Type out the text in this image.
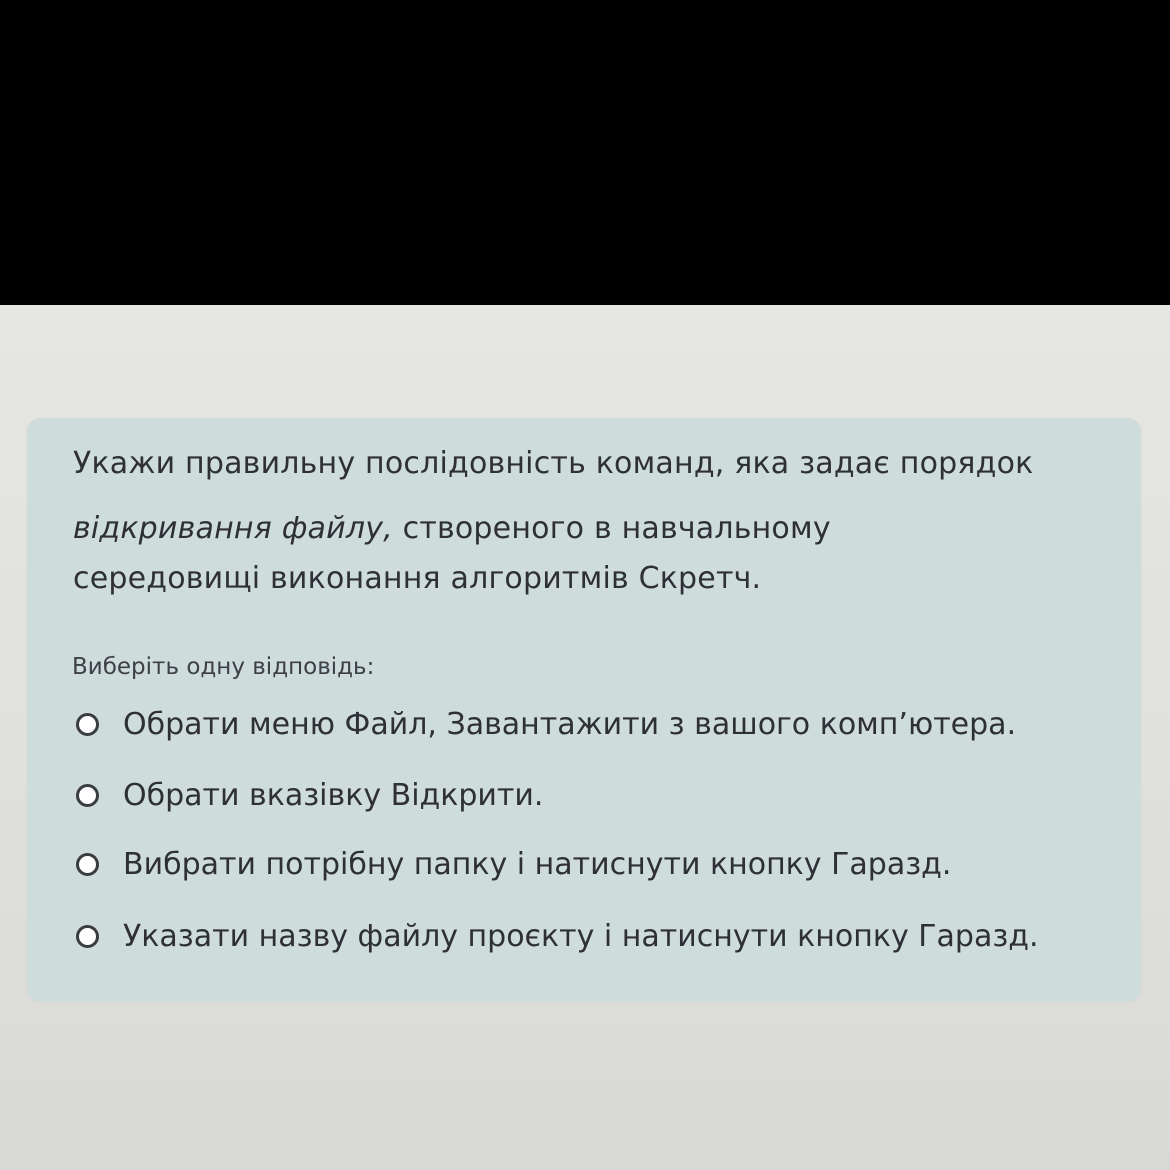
Укажи правильну послідовність команд, яка задає порядок

відкривання файлу, створеного в навчальному

середовищі виконання алгоритмів Скретч.

Виберіть одну відповідь:

Обрати меню Файл, Завантажити з вашого комп’ютера.
Обрати вказівку Відкрити.
Вибрати потрібну папку і натиснути кнопку Гаразд.
Указати назву файлу проєкту і натиснути кнопку Гаразд.
